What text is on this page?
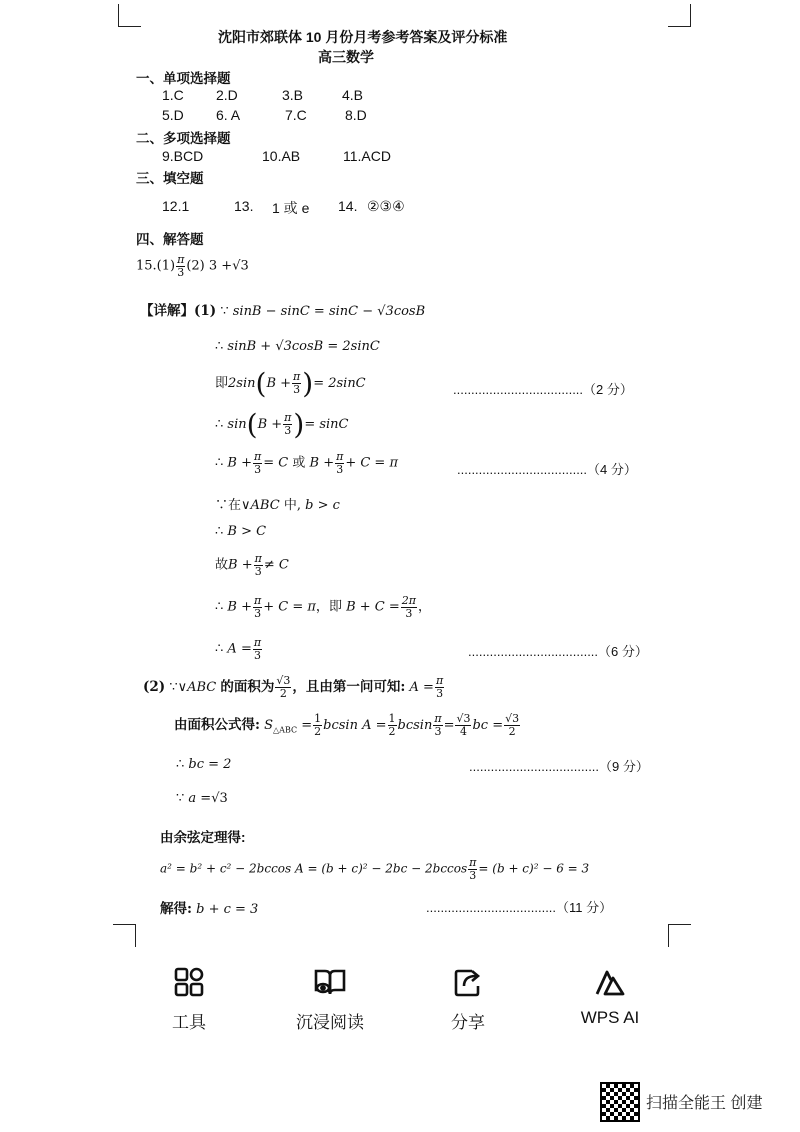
沈阳市郊联体 10 月份月考参考答案及评分标准
高三数学
一、单项选择题
1.C 2.D	3.B	4.B
5.D 6. A	7.C	8.D
二、多项选择题
9.BCD	10.AB	11.ACD
三、填空题
12.1	13. 1 或 e 14. ②③④
四、解答题
$15.(1) \frac{\pi}{3} (2)$ 3 +√3
【详解】(1) ∵ sinB − sinC = sinC − √3cosB
∴ sinB + √3cosB = 2sinC
即$2\sin(B + \frac{\pi}{3}$ )= 2sinC	....................................（2 分）
∴ $\sin(B + \frac{\pi}{3}$ )= sinC
∴ $B + \frac{\pi}{3} = C$ 或 $B + \frac{\pi}{3} + C = \pi$	....................................（4 分）
∵在∨ABC 中, b > c
∴ B > C
故$B + \frac{\pi}{3} \ne C$
∴ $B + \frac{\pi}{3} + C = \pi$，即 $B + C = \frac{2\pi}{3}$ ，
∴ $A = \frac{\pi}{3}$	....................................（6 分）
(2) ∵∨ABC 的面积为 $\frac{√3}{2}$ ，且由第一问可知: $A = \frac{\pi}{3}$
由面积公式得: $S_{\triangle ABC} = \frac{1}{2}$ bcsin $A = \frac{1}{2}$ bcsin $\frac{\pi}{3} = \frac{√3}{4}$ bc = $\frac{√3}{2}$
∴ bc = 2	....................................（9 分）
∵ a =√3
由余弦定理得:
a² = b² + c² − 2bccos $A = (b + c)^2 - 2bc - 2bccos \frac{\pi}{3} = (b + c)^2 - 6 = 3$
解得: b + c = 3	....................................（11 分）
工具	沉浸阅读	分享	WPS AI
扫描全能王 创建
